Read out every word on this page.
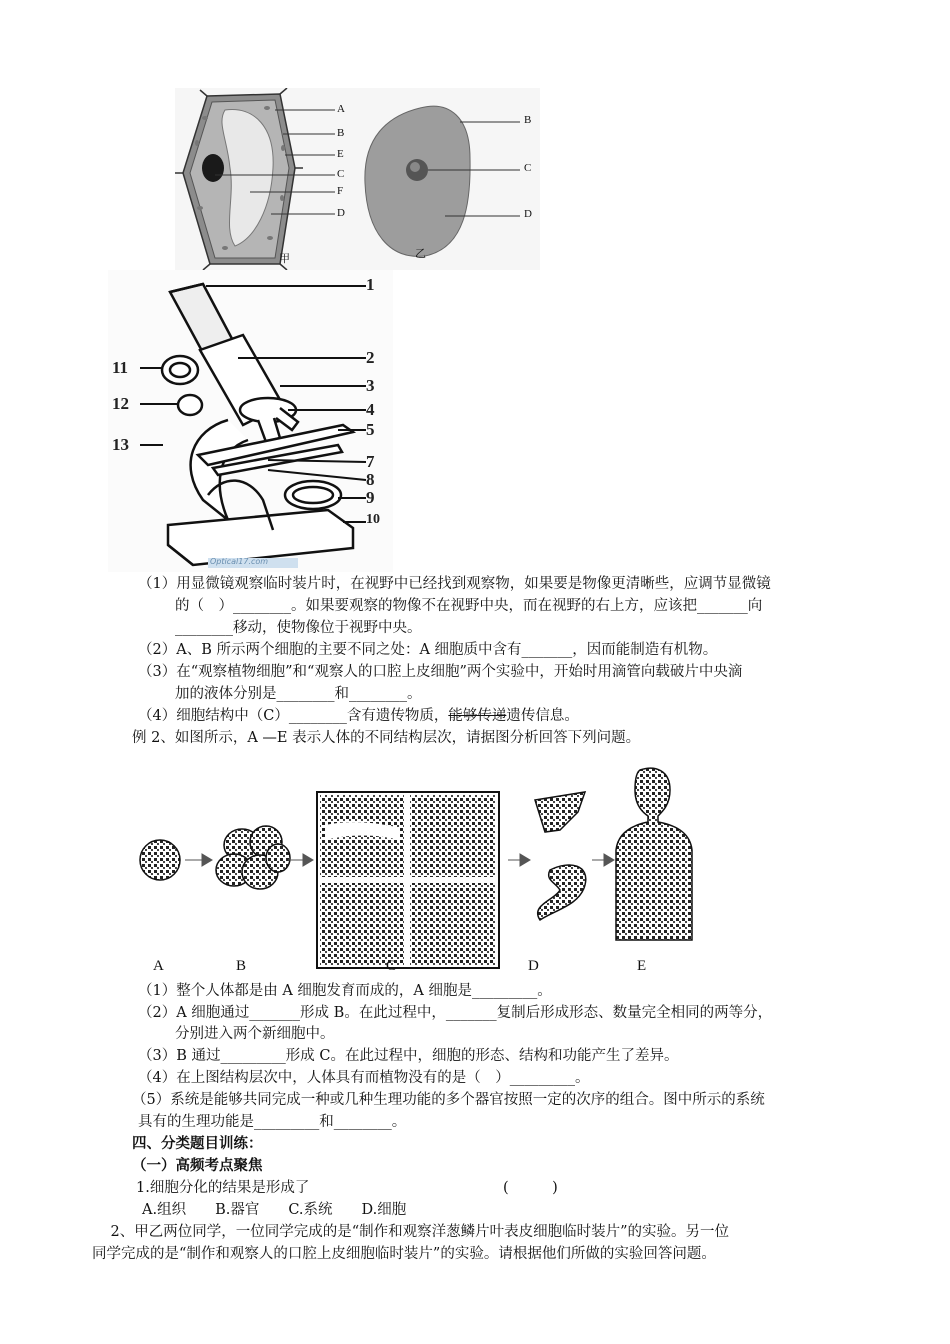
A
B
E
C
F
D
B
C
D
甲	乙
1
2
3
4
5
7
8
9
10
11
12
13
Optical17.com
（1）用显微镜观察临时装片时，在视野中已经找到观察物，如果要是物像更清晰些，应调节显微镜
的（　）________。如果要观察的物像不在视野中央，而在视野的右上方，应该把_______向
________移动，使物像位于视野中央。
（2）A、B 所示两个细胞的主要不同之处：A 细胞质中含有_______，因而能制造有机物。
（3）在“观察植物细胞”和“观察人的口腔上皮细胞”两个实验中，开始时用滴管向载破片中央滴
加的液体分别是________和________。
（4）细胞结构中（C）________含有遗传物质，能够传递遗传信息。
例 2、如图所示，A —E 表示人体的不同结构层次，请据图分析回答下列问题。
A	B	C	D	E
（1）整个人体都是由 A 细胞发育而成的，A 细胞是_________。
（2）A 细胞通过_______形成 B。在此过程中，_______复制后形成形态、数量完全相同的两等分，
分别进入两个新细胞中。
（3）B 通过_________形成 C。在此过程中，细胞的形态、结构和功能产生了差异。
（4）在上图结构层次中，人体具有而植物没有的是（　）_________。
（5）系统是能够共同完成一种或几种生理功能的多个器官按照一定的次序的组合。图中所示的系统
具有的生理功能是_________和________。
四、分类题目训练：
（一）高频考点聚焦
1.细胞分化的结果是形成了	(　　　)
A.组织　　B.器官　　C.系统　　D.细胞
　2、甲乙两位同学，一位同学完成的是“制作和观察洋葱鳞片叶表皮细胞临时装片”的实验。另一位
同学完成的是“制作和观察人的口腔上皮细胞临时装片”的实验。请根据他们所做的实验回答问题。
